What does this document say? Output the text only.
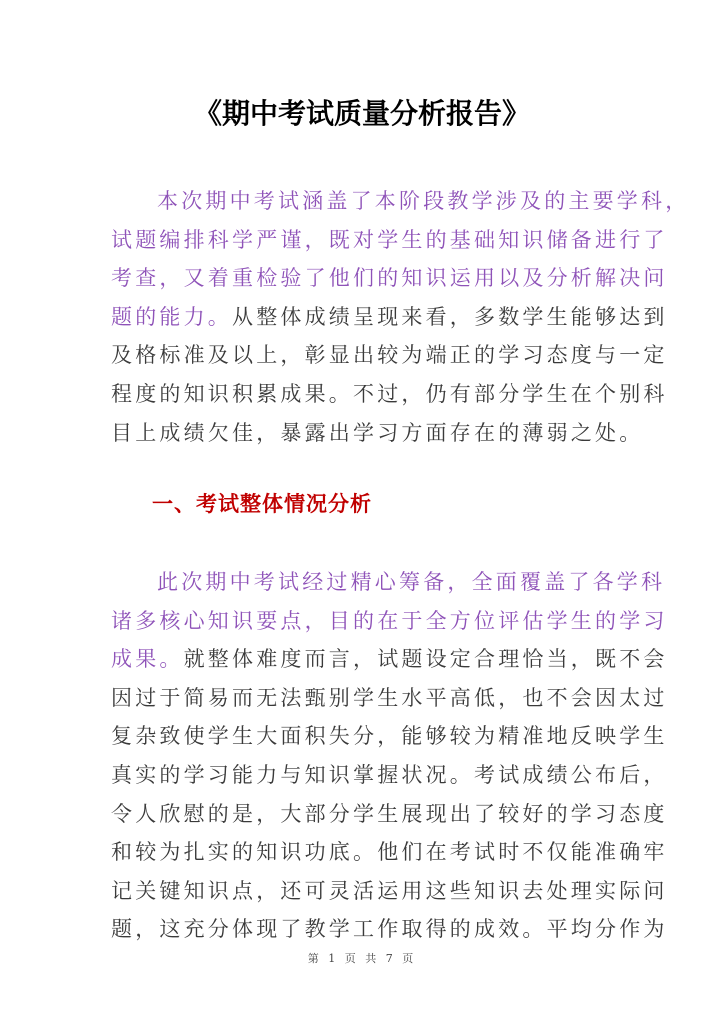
《期中考试质量分析报告》
本次期中考试涵盖了本阶段教学涉及的主要学科，
试题编排科学严谨，既对学生的基础知识储备进行了
考查，又着重检验了他们的知识运用以及分析解决问
题的能力。从整体成绩呈现来看，多数学生能够达到
及格标准及以上，彰显出较为端正的学习态度与一定
程度的知识积累成果。不过，仍有部分学生在个别科
目上成绩欠佳，暴露出学习方面存在的薄弱之处。
一、考试整体情况分析
此次期中考试经过精心筹备，全面覆盖了各学科
诸多核心知识要点，目的在于全方位评估学生的学习
成果。就整体难度而言，试题设定合理恰当，既不会
因过于简易而无法甄别学生水平高低，也不会因太过
复杂致使学生大面积失分，能够较为精准地反映学生
真实的学习能力与知识掌握状况。考试成绩公布后，
令人欣慰的是，大部分学生展现出了较好的学习态度
和较为扎实的知识功底。他们在考试时不仅能准确牢
记关键知识点，还可灵活运用这些知识去处理实际问
题，这充分体现了教学工作取得的成效。平均分作为
第 1 页 共 7 页
